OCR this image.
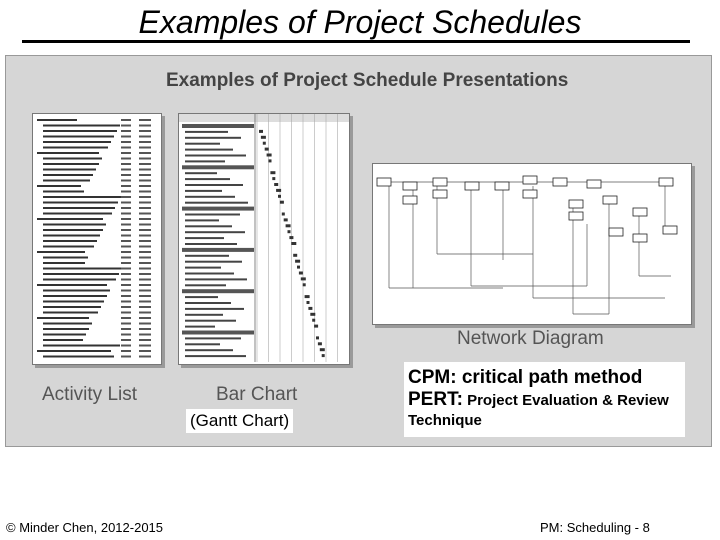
Examples of Project Schedules
Examples of Project Schedule Presentations
Activity List	Bar Chart
Network Diagram
(Gantt Chart)
CPM: critical path method
PERT: Project Evaluation & Review Technique
© Minder Chen, 2012-2015	PM: Scheduling - 8
